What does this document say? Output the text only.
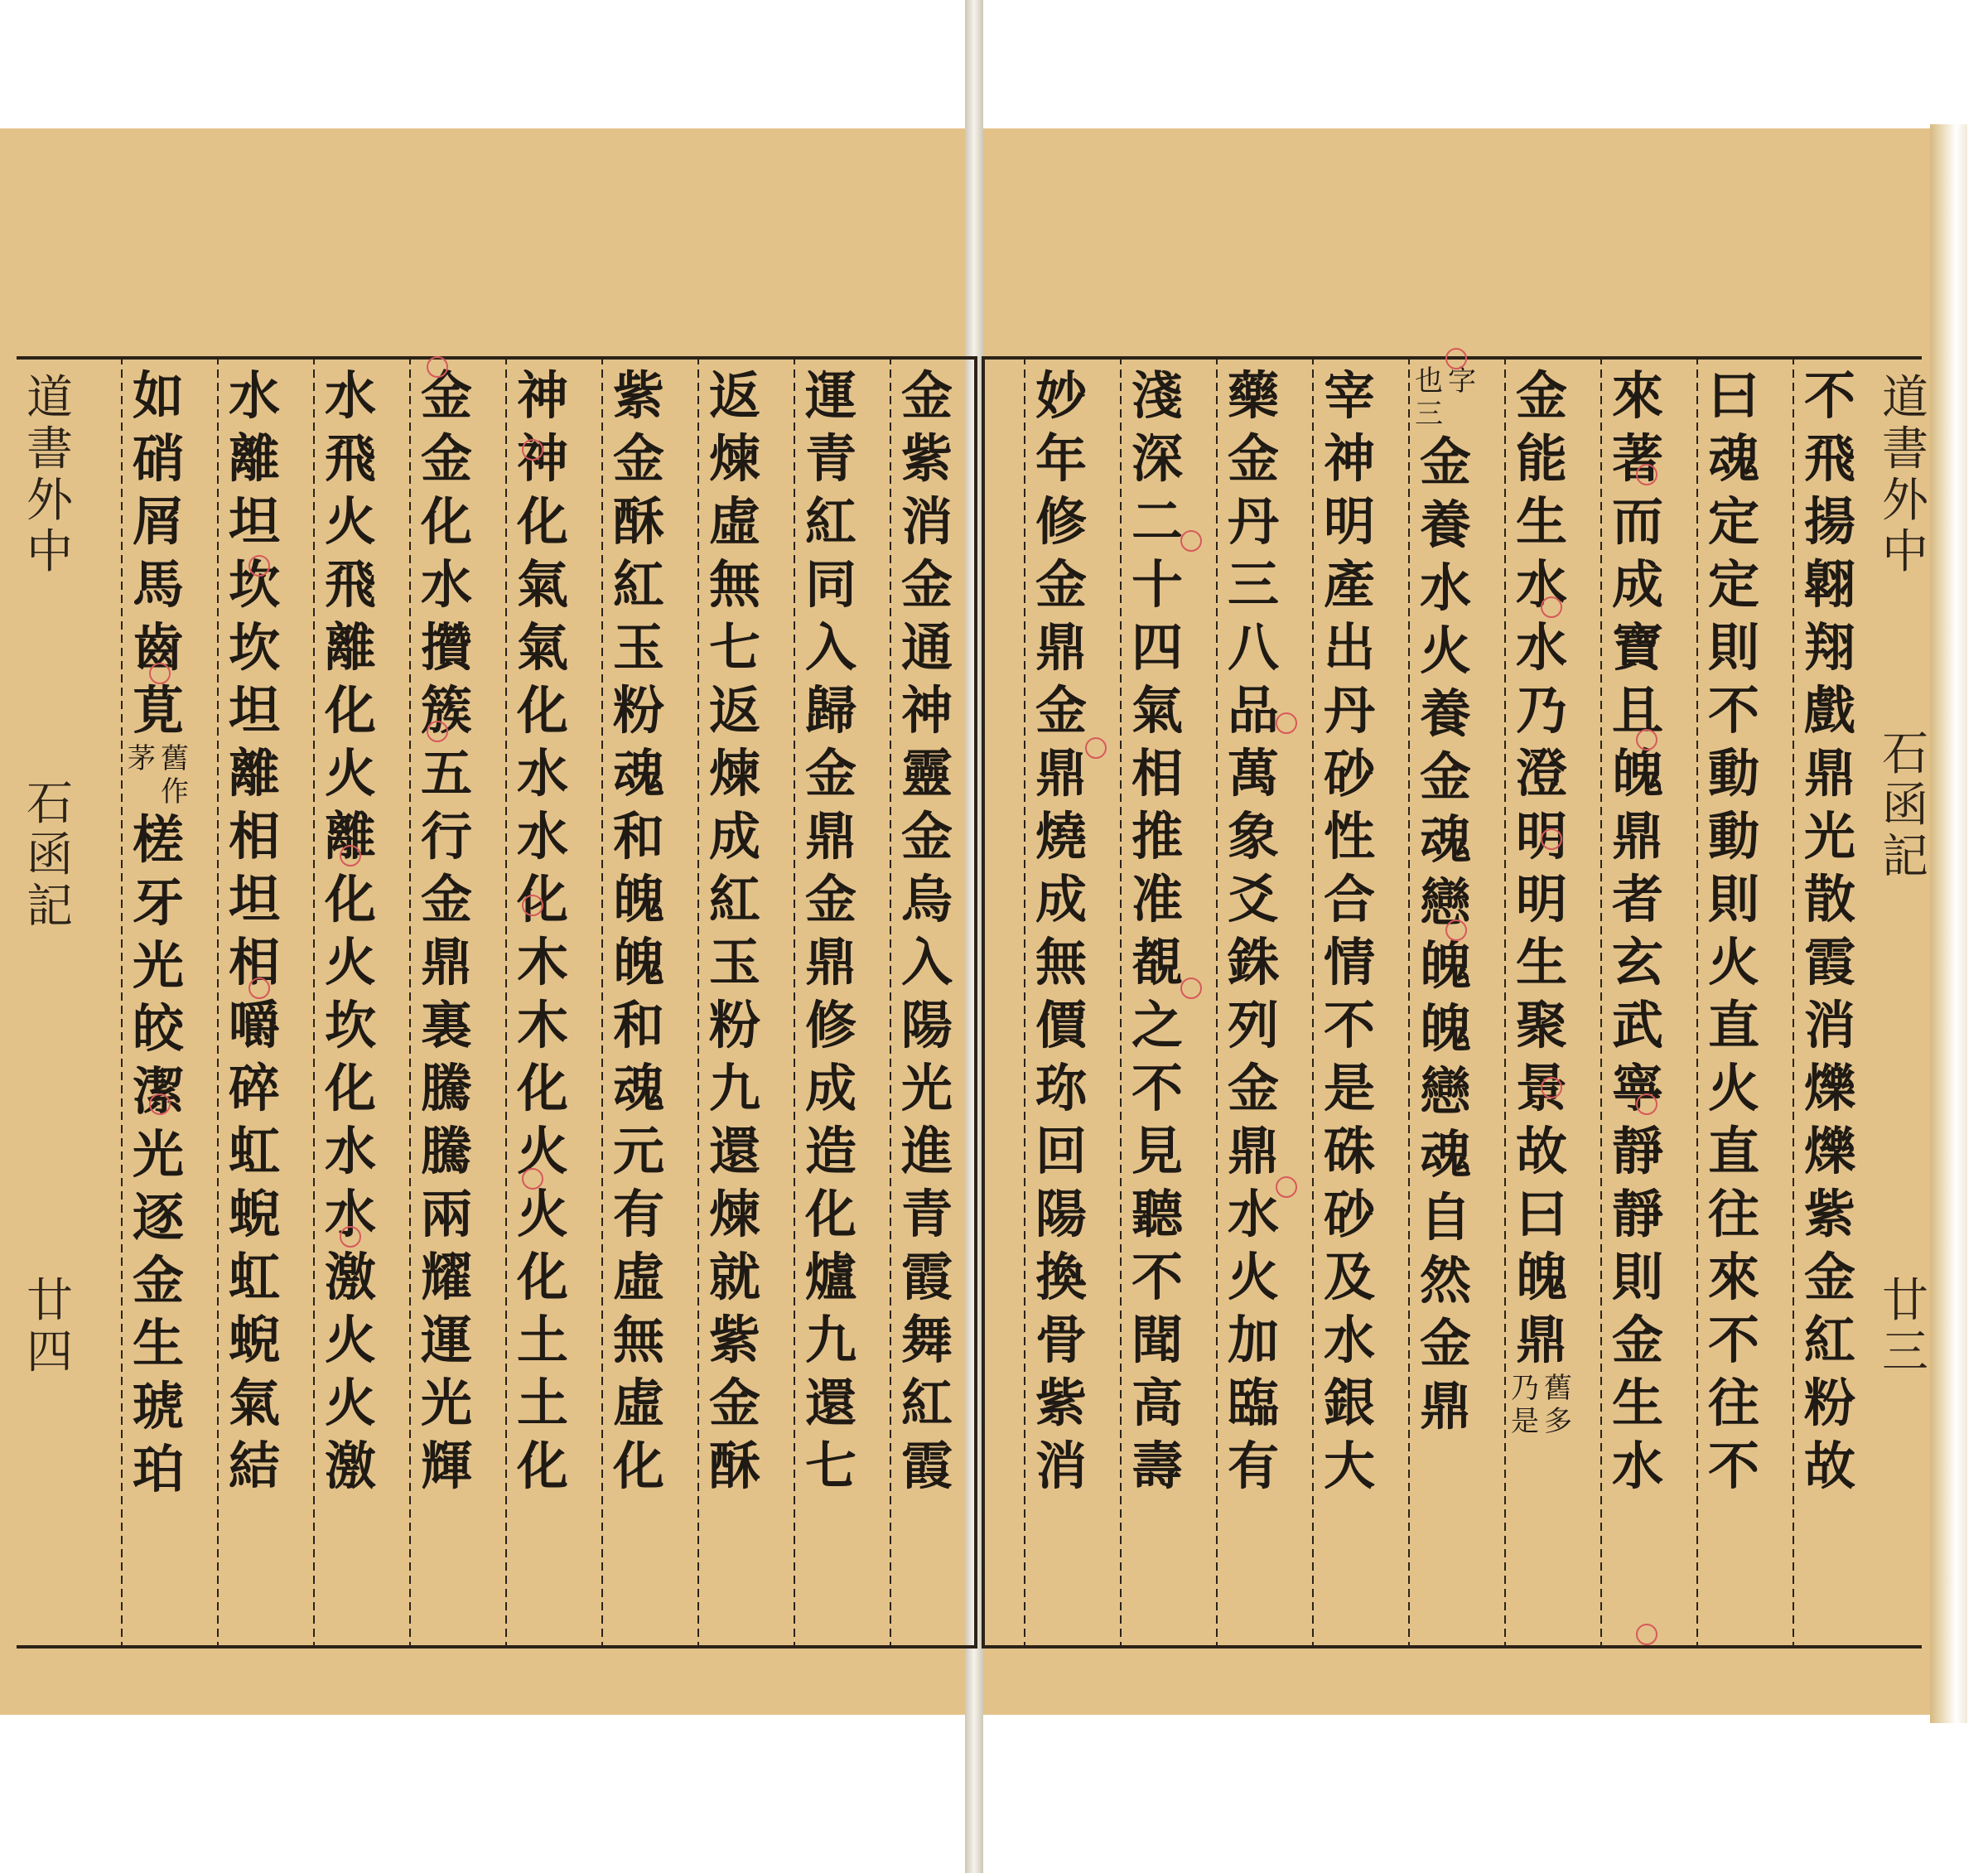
不
飛
揚
翺
翔
戲
鼎
光
散
霞
消
爍
爍
紫
金
紅
粉
故
曰
魂
定
定
則
不
動
動
則
火
直
火
直
往
來
不
往
不
來
著
而
成
寶
且
魄
鼎
者
玄
武
寧
靜
靜
則
金
生
水
金
能
生
水
水
乃
澄
明
明
生
聚
景
故
曰
魄
鼎
舊
多
乃
是
字
也
三
金
養
水
火
養
金
魂
戀
魄
魄
戀
魂
自
然
金
鼎
宰
神
明
產
出
丹
砂
性
合
情
不
是
硃
砂
及
水
銀
大
藥
金
丹
三
八
品
萬
象
爻
銖
列
金
鼎
水
火
加
臨
有
淺
深
二
十
四
氣
相
推
准
覩
之
不
見
聽
不
聞
高
壽
妙
年
修
金
鼎
金
鼎
燒
成
無
價
珎
回
陽
換
骨
紫
消
金
紫
消
金
通
神
靈
金
烏
入
陽
光
進
青
霞
舞
紅
霞
運
青
紅
同
入
歸
金
鼎
金
鼎
修
成
造
化
爐
九
還
七
返
煉
虛
無
七
返
煉
成
紅
玉
粉
九
還
煉
就
紫
金
酥
紫
金
酥
紅
玉
粉
魂
和
魄
魄
和
魂
元
有
虛
無
虛
化
神
神
化
氣
氣
化
水
水
化
木
木
化
火
火
化
土
土
化
金
金
化
水
攢
簇
五
行
金
鼎
裏
騰
騰
兩
耀
運
光
輝
水
飛
火
飛
離
化
火
離
化
火
坎
化
水
水
激
火
火
激
水
離
坦
坎
坎
坦
離
相
坦
相
嚼
碎
虹
蜺
虹
蜺
氣
結
如
硝
屑
馬
齒
莧
舊
作
茅
槎
牙
光
皎
潔
光
逐
金
生
琥
珀
道
書
外
中
石
函
記
廿
三
道
書
外
中
石
函
記
廿
四
